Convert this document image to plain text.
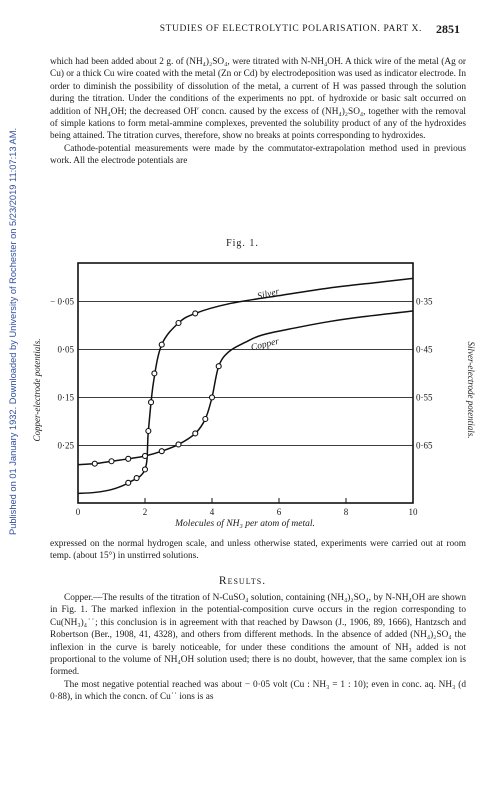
Published on 01 January 1932. Downloaded by University of Rochester on 5/23/2019 11:07:13 AM.
STUDIES OF ELECTROLYTIC POLARISATION. PART X. 2851

which had been added about 2 g. of (NH₄)₂SO₄, were titrated with N-NH₄OH. A thick wire of the metal (Ag or Cu) or a thick Cu wire coated with the metal (Zn or Cd) by electrodeposition was used as indicator electrode. In order to diminish the possibility of dissolution of the metal, a current of H was passed through the solution during the titration. Under the conditions of the experiments no ppt. of hydroxide or basic salt occurred on addition of NH₄OH; the decreased OH′ concn. caused by the excess of (NH₄)₂SO₄, together with the removal of simple kations to form metal-ammine complexes, prevented the solubility product of any of the hydroxides being attained. The titration curves, therefore, show no breaks at points corresponding to hydroxides.

Cathode-potential measurements were made by the commutator-extrapolation method used in previous work. All the electrode potentials are

Fig. 1.
− 0·05	0·35
0·05	0·45
0·15	0·55
0·25	0·65
0	2	4	6	8	10
Silver
Copper
Copper-electrode potentials.	Silver-electrode potentials.
Molecules of NH₃ per atom of metal.

expressed on the normal hydrogen scale, and unless otherwise stated, experiments were carried out at room temp. (about 15°) in unstirred solutions.

Results.

Copper.—The results of the titration of N-CuSO₄ solution, containing (NH₄)₂SO₄, by N-NH₄OH are shown in Fig. 1. The marked inflexion in the potential-composition curve occurs in the region corresponding to Cu(NH₃)₄˙˙; this conclusion is in agreement with that reached by Dawson (J., 1906, 89, 1666), Hantzsch and Robertson (Ber., 1908, 41, 4328), and others from different methods. In the absence of added (NH₄)₂SO₄ the inflexion in the curve is barely noticeable, for under these conditions the amount of NH₃ added is not proportional to the volume of NH₄OH solution used; there is no doubt, however, that the same complex ion is formed.

The most negative potential reached was about − 0·05 volt (Cu : NH₃ = 1 : 10); even in conc. aq. NH₃ (d 0·88), in which the concn. of Cu˙˙ ions is as
